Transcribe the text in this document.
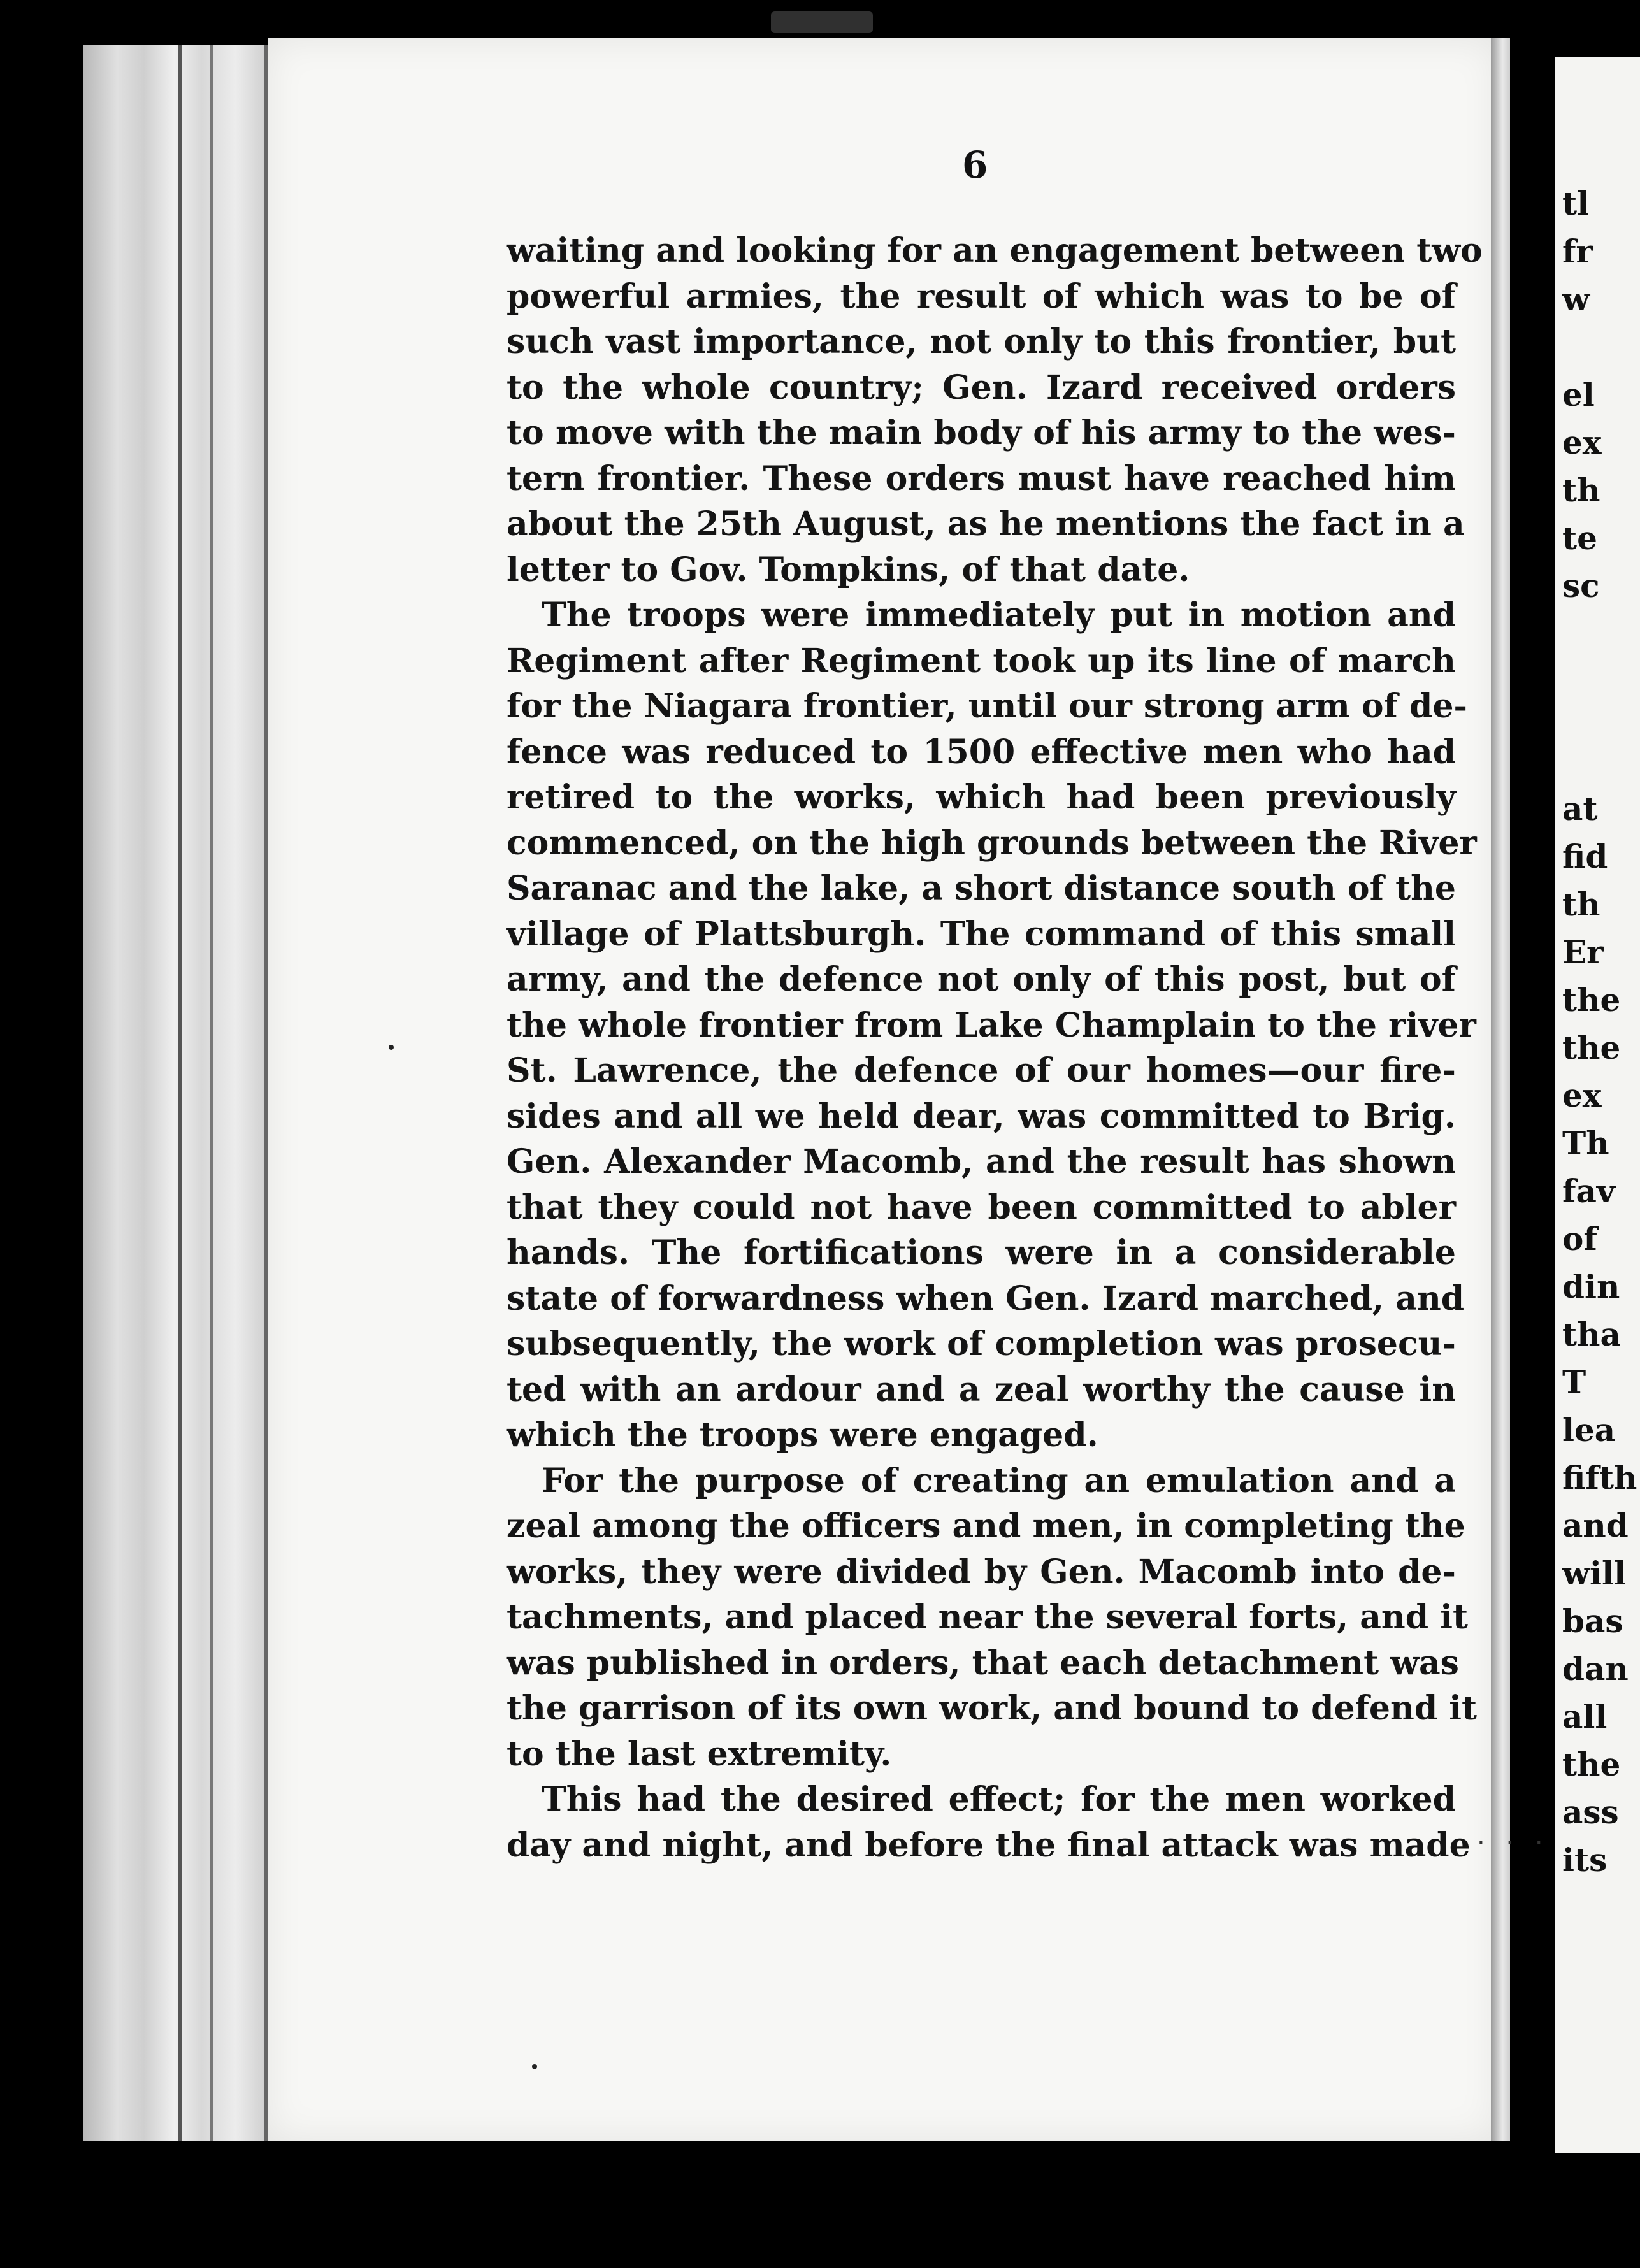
6
waiting and looking for an engagement between two
powerful armies, the result of which was to be of
such vast importance, not only to this frontier, but
to the whole country; Gen. Izard received orders
to move with the main body of his army to the wes-
tern frontier. These orders must have reached him
about the 25th August, as he mentions the fact in a
letter to Gov. Tompkins, of that date.
The troops were immediately put in motion and
Regiment after Regiment took up its line of march
for the Niagara frontier, until our strong arm of de-
fence was reduced to 1500 effective men who had
retired to the works, which had been previously
commenced, on the high grounds between the River
Saranac and the lake, a short distance south of the
village of Plattsburgh. The command of this small
army, and the defence not only of this post, but of
the whole frontier from Lake Champlain to the river
St. Lawrence, the defence of our homes—our fire-
sides and all we held dear, was committed to Brig.
Gen. Alexander Macomb, and the result has shown
that they could not have been committed to abler
hands. The fortifications were in a considerable
state of forwardness when Gen. Izard marched, and
subsequently, the work of completion was prosecu-
ted with an ardour and a zeal worthy the cause in
which the troops were engaged.
For the purpose of creating an emulation and a
zeal among the officers and men, in completing the
works, they were divided by Gen. Macomb into de-
tachments, and placed near the several forts, and it
was published in orders, that each detachment was
the garrison of its own work, and bound to defend it
to the last extremity.
This had the desired effect; for the men worked
day and night, and before the final attack was made · · ·
tl
fr
w
el
ex
th
te
sc
at
fid
th
Er
the
the
ex
Th
fav
of
din
tha
T
lea
fifth
and
will
bas
dan
all
the
ass
its
